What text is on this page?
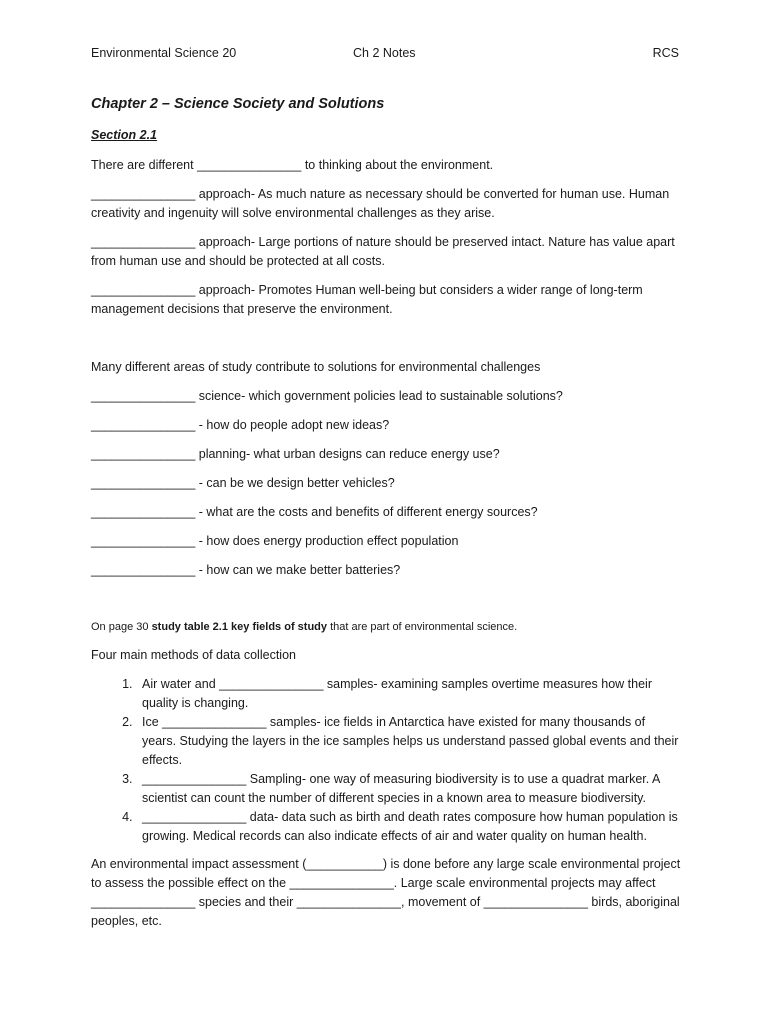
Environmental Science 20	Ch 2 Notes	RCS
Chapter 2 – Science Society and Solutions
Section 2.1

There are different _______________ to thinking about the environment.

_______________ approach- As much nature as necessary should be converted for human use. Human creativity and ingenuity will solve environmental challenges as they arise.

_______________ approach- Large portions of nature should be preserved intact. Nature has value apart from human use and should be protected at all costs.

_______________ approach- Promotes Human well-being but considers a wider range of long-term management decisions that preserve the environment.

Many different areas of study contribute to solutions for environmental challenges

_______________ science- which government policies lead to sustainable solutions?

_______________ - how do people adopt new ideas?

_______________ planning- what urban designs can reduce energy use?

_______________ - can be we design better vehicles?

_______________ - what are the costs and benefits of different energy sources?

_______________ - how does energy production effect population

_______________ - how can we make better batteries?

On page 30 study table 2.1 key fields of study that are part of environmental science.

Four main methods of data collection

1. Air water and _______________ samples- examining samples overtime measures how their quality is changing.
2. Ice _______________ samples- ice fields in Antarctica have existed for many thousands of years. Studying the layers in the ice samples helps us understand passed global events and their effects.
3. _______________ Sampling- one way of measuring biodiversity is to use a quadrat marker. A scientist can count the number of different species in a known area to measure biodiversity.
4. _______________ data- data such as birth and death rates composure how human population is growing. Medical records can also indicate effects of air and water quality on human health.

An environmental impact assessment (___________) is done before any large scale environmental project to assess the possible effect on the _______________. Large scale environmental projects may affect _______________ species and their _______________, movement of _______________ birds, aboriginal peoples, etc.
